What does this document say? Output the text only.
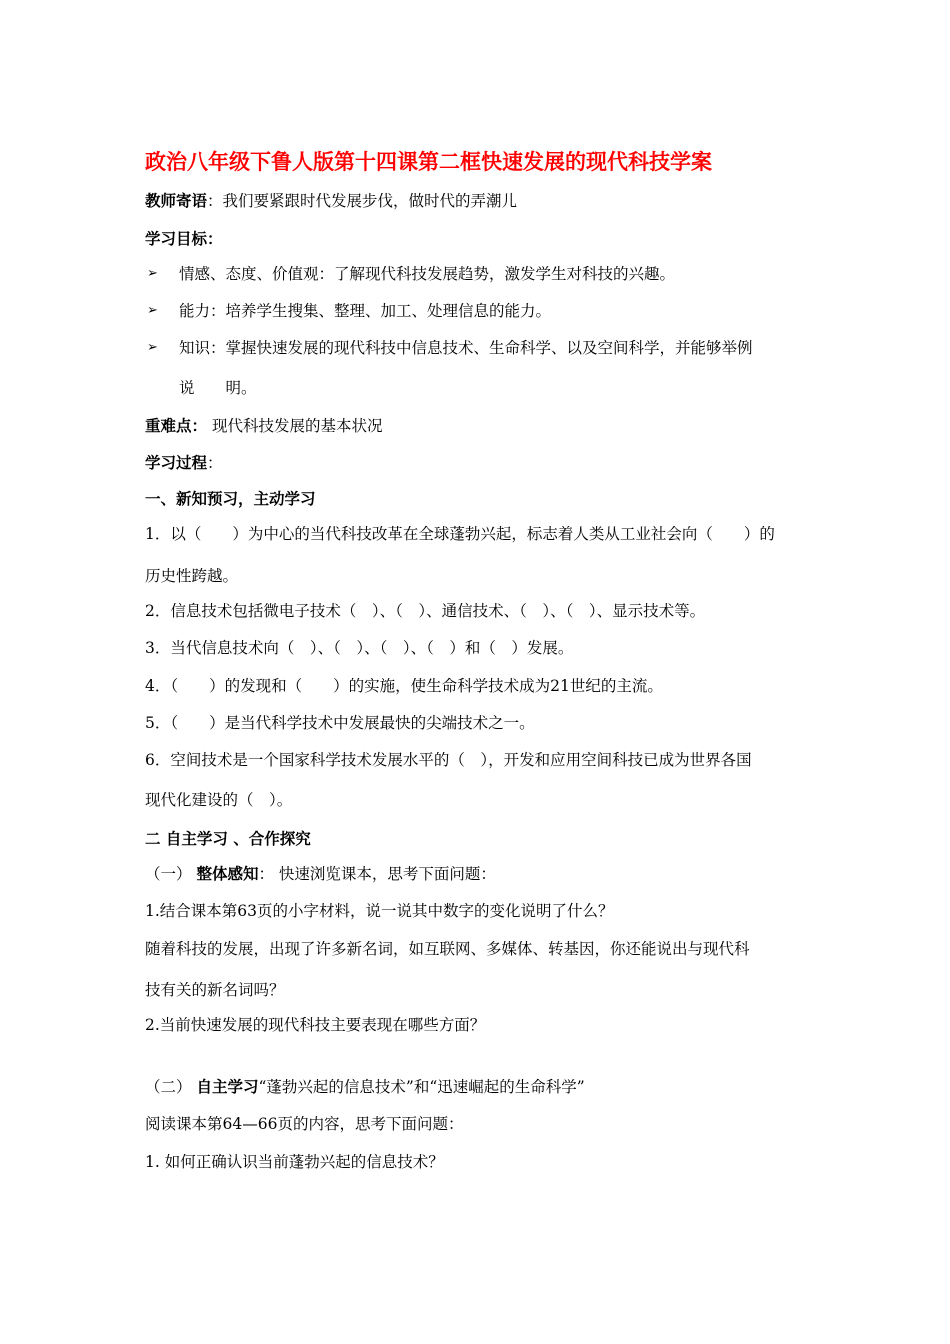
政治八年级下鲁人版第十四课第二框快速发展的现代科技学案
教师寄语：我们要紧跟时代发展步伐，做时代的弄潮儿
学习目标：
➢ 情感、态度、价值观：了解现代科技发展趋势，激发学生对科技的兴趣。
➢ 能力：培养学生搜集、整理、加工、处理信息的能力。
➢ 知识：掌握快速发展的现代科技中信息技术、生命科学、以及空间科学，并能够举例
说　　明。
重难点： 现代科技发展的基本状况
学习过程：
一、新知预习，主动学习
1．以（　　）为中心的当代科技改革在全球蓬勃兴起，标志着人类从工业社会向（　　）的
历史性跨越。
2．信息技术包括微电子技术（　）、（　）、通信技术、（　）、（　）、显示技术等。
3．当代信息技术向（　）、（　）、（　）、（　）和（　）发展。
4．（　　）的发现和（　　）的实施，使生命科学技术成为21世纪的主流。
5．（　　）是当代科学技术中发展最快的尖端技术之一。
6．空间技术是一个国家科学技术发展水平的（　），开发和应用空间科技已成为世界各国
现代化建设的（　）。
二 自主学习 、合作探究
（一） 整体感知： 快速浏览课本，思考下面问题：
1.结合课本第63页的小字材料，说一说其中数字的变化说明了什么？
随着科技的发展，出现了许多新名词，如互联网、多媒体、转基因，你还能说出与现代科
技有关的新名词吗？
2.当前快速发展的现代科技主要表现在哪些方面？
（二） 自主学习“蓬勃兴起的信息技术”和“迅速崛起的生命科学”
阅读课本第64—66页的内容，思考下面问题：
1. 如何正确认识当前蓬勃兴起的信息技术？
